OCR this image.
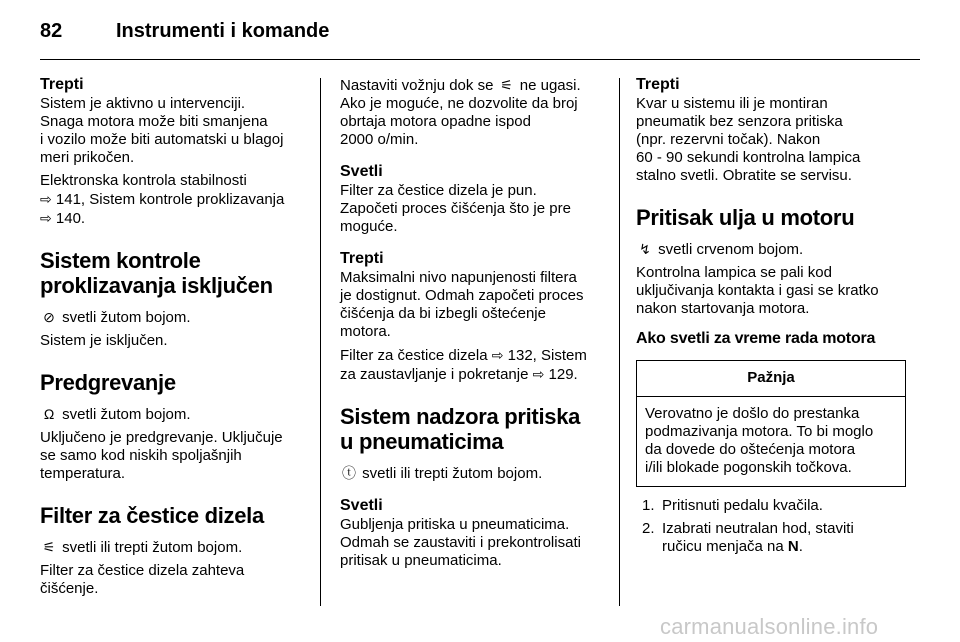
82	Instrumenti i komande
Trepti

Sistem je aktivno u intervenciji.
Snaga motora može biti smanjena
i vozilo može biti automatski u blagoj
meri prikočen.

Elektronska kontrola stabilnosti
⇨ 141, Sistem kontrole proklizavanja
⇨ 140.

Sistem kontrole
proklizavanja isključen

⊘ svetli žutom bojom.

Sistem je isključen.

Predgrevanje

Ω svetli žutom bojom.

Uključeno je predgrevanje. Uključuje
se samo kod niskih spoljašnjih
temperatura.

Filter za čestice dizela

⚟ svetli ili trepti žutom bojom.

Filter za čestice dizela zahteva
čišćenje.

Nastaviti vožnju dok se ⚟ ne ugasi.
Ako je moguće, ne dozvolite da broj
obrtaja motora opadne ispod
2000 o/min.

Svetli

Filter za čestice dizela je pun.
Započeti proces čišćenja što je pre
moguće.

Trepti

Maksimalni nivo napunjenosti filtera
je dostignut. Odmah započeti proces
čišćenja da bi izbegli oštećenje
motora.

Filter za čestice dizela ⇨ 132, Sistem
za zaustavljanje i pokretanje ⇨ 129.

Sistem nadzora pritiska
u pneumaticima

ⓣ svetli ili trepti žutom bojom.

Svetli

Gubljenja pritiska u pneumaticima.
Odmah se zaustaviti i prekontrolisati
pritisak u pneumaticima.

Trepti

Kvar u sistemu ili je montiran
pneumatik bez senzora pritiska
(npr. rezervni točak). Nakon
60 - 90 sekundi kontrolna lampica
stalno svetli. Obratite se servisu.

Pritisak ulja u motoru

↯ svetli crvenom bojom.

Kontrolna lampica se pali kod
uključivanja kontakta i gasi se kratko
nakon startovanja motora.

Ako svetli za vreme rada motora
Pažnja
Verovatno je došlo do prestanka
podmazivanja motora. To bi moglo
da dovede do oštećenja motora
i/ili blokade pogonskih točkova.
1. Pritisnuti pedalu kvačila.
2. Izabrati neutralan hod, staviti
ručicu menjača na N.
carmanualsonline.info
